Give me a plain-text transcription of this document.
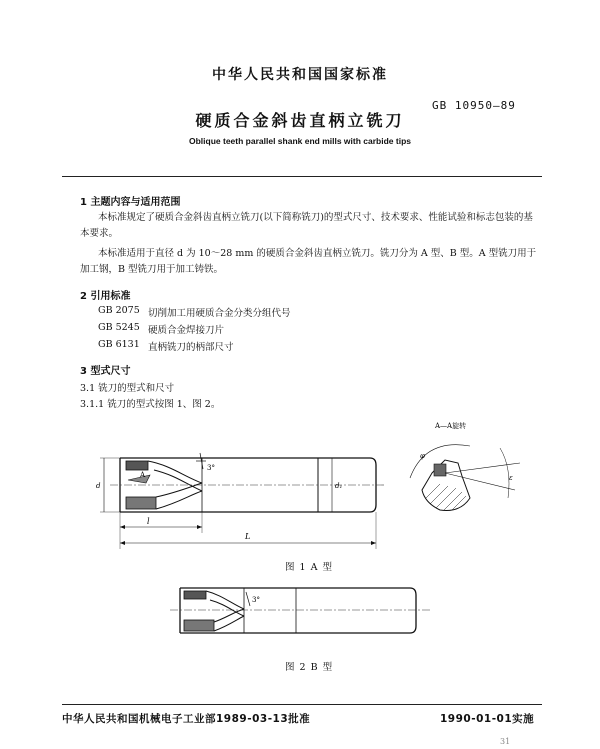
中华人民共和国国家标准
GB 10950—89
硬质合金斜齿直柄立铣刀
Oblique teeth parallel shank end mills with carbide tips
1 主题内容与适用范围
本标准规定了硬质合金斜齿直柄立铣刀(以下简称铣刀)的型式尺寸、技术要求、性能试验和标志包装的基本要求。
本标准适用于直径 d 为 10～28 mm 的硬质合金斜齿直柄立铣刀。铣刀分为 A 型、B 型。A 型铣刀用于加工钢，B 型铣刀用于加工铸铁。
2 引用标准
GB 2075 切削加工用硬质合金分类分组代号
GB 5245 硬质合金焊接刀片
GB 6131 直柄铣刀的柄部尺寸
3 型式尺寸
3.1 铣刀的型式和尺寸
3.1.1 铣刀的型式按图 1、图 2。
3°
A
d	d₁
l
L
A—A旋转
φ
ε
图 1 A 型
3°
图 2 B 型
中华人民共和国机械电子工业部1989-03-13批准	1990-01-01实施
31
